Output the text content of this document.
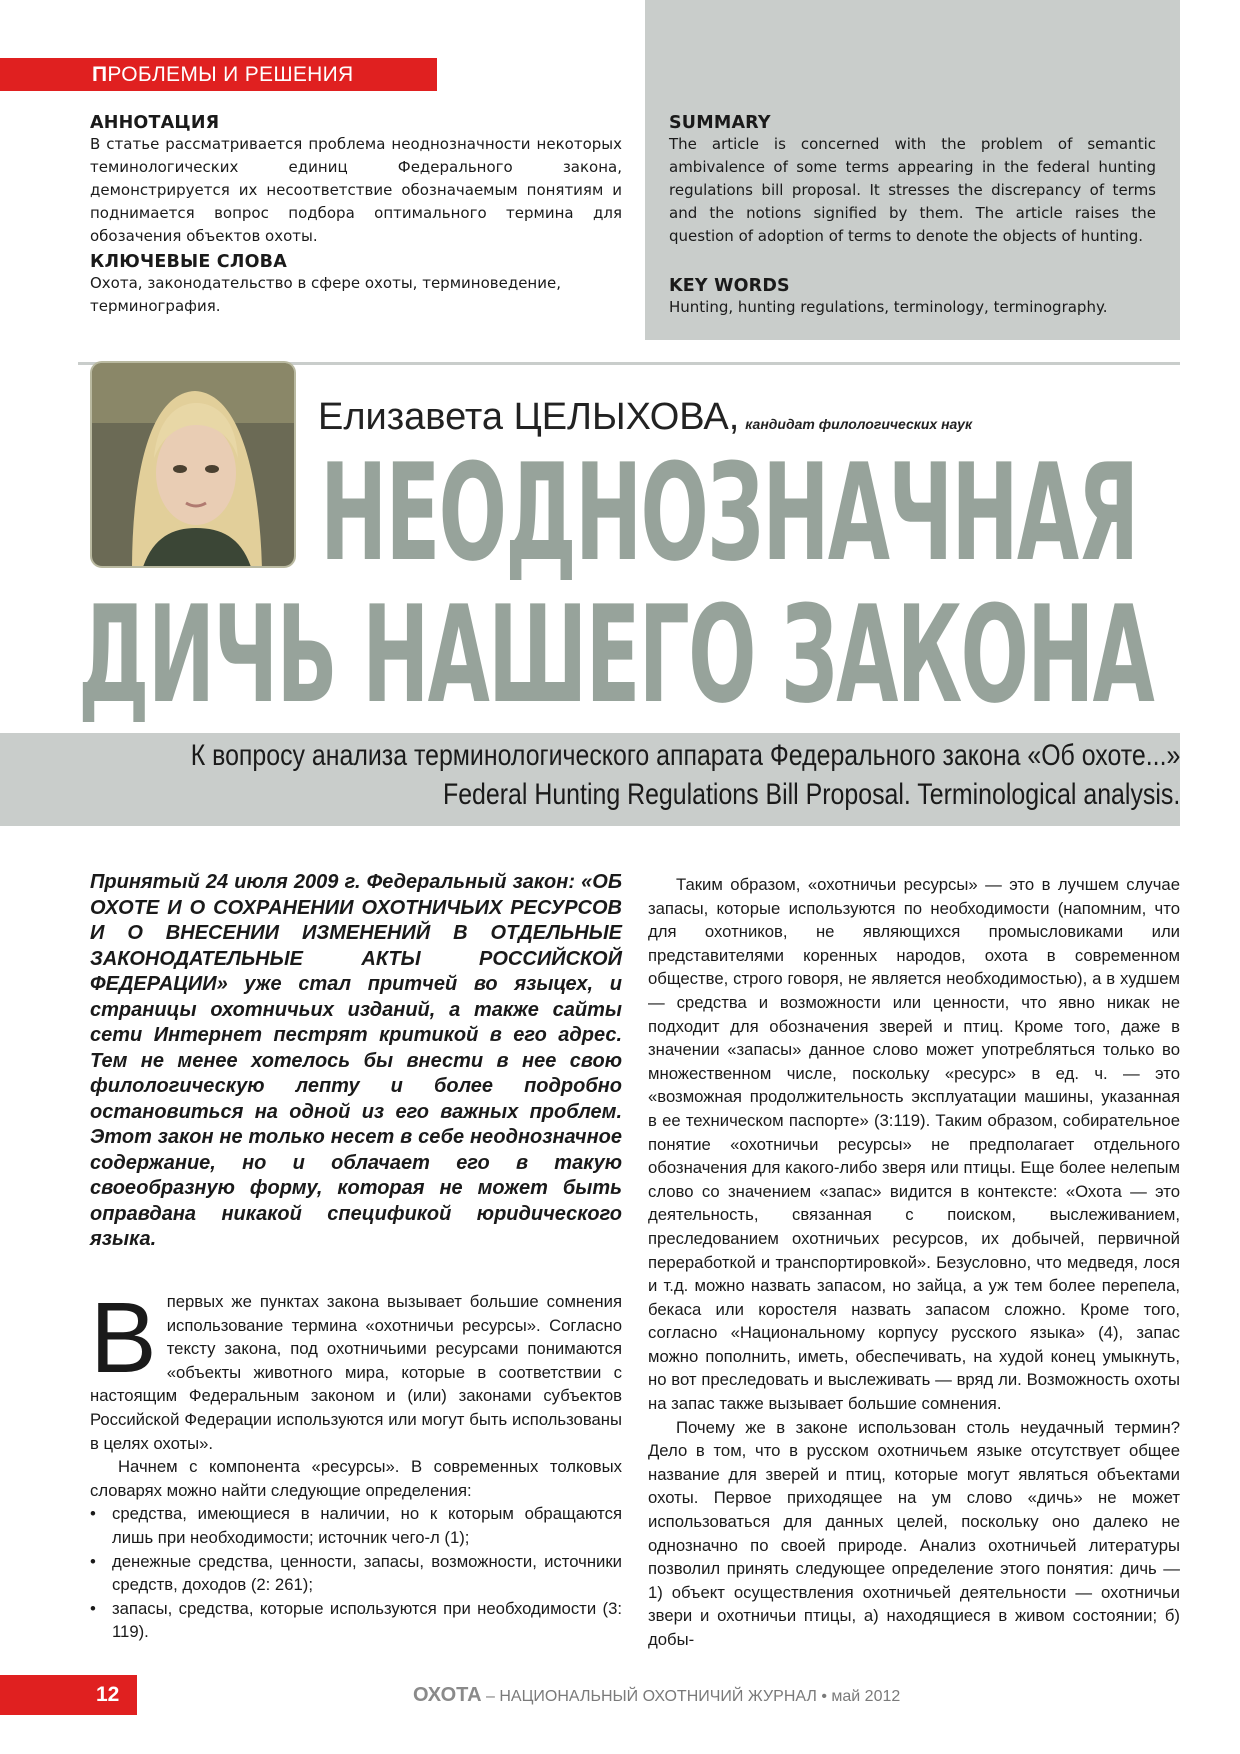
ПРОБЛЕМЫ И РЕШЕНИЯ
АННОТАЦИЯ
В статье рассматривается проблема неоднозначности некоторых теминологических единиц Федерального закона, демонстрируется их несоответствие обозначаемым понятиям и поднимается вопрос подбора оптимального термина для обозачения объектов охоты.
КЛЮЧЕВЫЕ СЛОВА
Охота, законодательство в сфере охоты, терминоведение, терминография.
SUMMARY
The article is concerned with the problem of semantic ambivalence of some terms appearing in the federal hunting regulations bill proposal. It stresses the discrepancy of terms and the notions signified by them. The article raises the question of adoption of terms to denote the objects of hunting.
KEY WORDS
Hunting, hunting regulations, terminology, terminography.
Елизавета ЦЕЛЫХОВА, кандидат филологических наук
НЕОДНОЗНАЧНАЯ
ДИЧЬ НАШЕГО ЗАКОНА
К вопросу анализа терминологического аппарата Федерального закона «Об охоте...»
Federal Hunting Regulations Bill Proposal. Terminological analysis.
Принятый 24 июля 2009 г. Федеральный закон: «ОБ ОХОТЕ И О СОХРАНЕНИИ ОХОТНИЧЬИХ РЕСУРСОВ И О ВНЕСЕНИИ ИЗМЕНЕНИЙ В ОТДЕЛЬНЫЕ ЗАКОНОДАТЕЛЬНЫЕ АКТЫ РОССИЙСКОЙ ФЕДЕРАЦИИ» уже стал притчей во языцех, и страницы охотничьих изданий, а также сайты сети Интернет пестрят критикой в его адрес. Тем не менее хотелось бы внести в нее свою филологическую лепту и более подробно остановиться на одной из его важных проблем. Этот закон не только несет в себе неоднозначное содержание, но и облачает его в такую своеобразную форму, которая не может быть оправдана никакой спецификой юридического языка.

Впервых же пунктах закона вызывает большие сомнения использование термина «охотничьи ресурсы». Согласно тексту закона, под охотничьими ресурсами понимаются «объекты животного мира, которые в соответствии с настоящим Федеральным законом и (или) законами субъектов Российской Федерации используются или могут быть использованы в целях охоты».

Начнем с компонента «ресурсы». В современных толковых словарях можно найти следующие определения:

• средства, имеющиеся в наличии, но к которым обращаются лишь при необходимости; источник чего-л (1);
• денежные средства, ценности, запасы, возможности, источники средств, доходов (2: 261);
• запасы, средства, которые используются при необходимости (3: 119).

Таким образом, «охотничьи ресурсы» — это в лучшем случае запасы, которые используются по необходимости (напомним, что для охотников, не являющихся промысловиками или представителями коренных народов, охота в современном обществе, строго говоря, не является необходимостью), а в худшем — средства и возможности или ценности, что явно никак не подходит для обозначения зверей и птиц. Кроме того, даже в значении «запасы» данное слово может употребляться только во множественном числе, поскольку «ресурс» в ед. ч. — это «возможная продолжительность эксплуатации машины, указанная в ее техническом паспорте» (3:119). Таким образом, собирательное понятие «охотничьи ресурсы» не предполагает отдельного обозначения для какого-либо зверя или птицы. Еще более нелепым слово со значением «запас» видится в контексте: «Охота — это деятельность, связанная с поиском, выслеживанием, преследованием охотничьих ресурсов, их добычей, первичной переработкой и транспортировкой». Безусловно, что медведя, лося и т.д. можно назвать запасом, но зайца, а уж тем более перепела, бекаса или коростеля назвать запасом сложно. Кроме того, согласно «Национальному корпусу русского языка» (4), запас можно пополнить, иметь, обеспечивать, на худой конец умыкнуть, но вот преследовать и выслеживать — вряд ли. Возможность охоты на запас также вызывает большие сомнения.

Почему же в законе использован столь неудачный термин? Дело в том, что в русском охотничьем языке отсутствует общее название для зверей и птиц, которые могут являться объектами охоты. Первое приходящее на ум слово «дичь» не может использоваться для данных целей, поскольку оно далеко не однозначно по своей природе. Анализ охотничьей литературы позволил принять следующее определение этого понятия: дичь — 1) объект осуществления охотничьей деятельности — охотничьи звери и охотничьи птицы, а) находящиеся в живом состоянии; б) добы-

12	ОХОТА – НАЦИОНАЛЬНЫЙ ОХОТНИЧИЙ ЖУРНАЛ • май 2012
